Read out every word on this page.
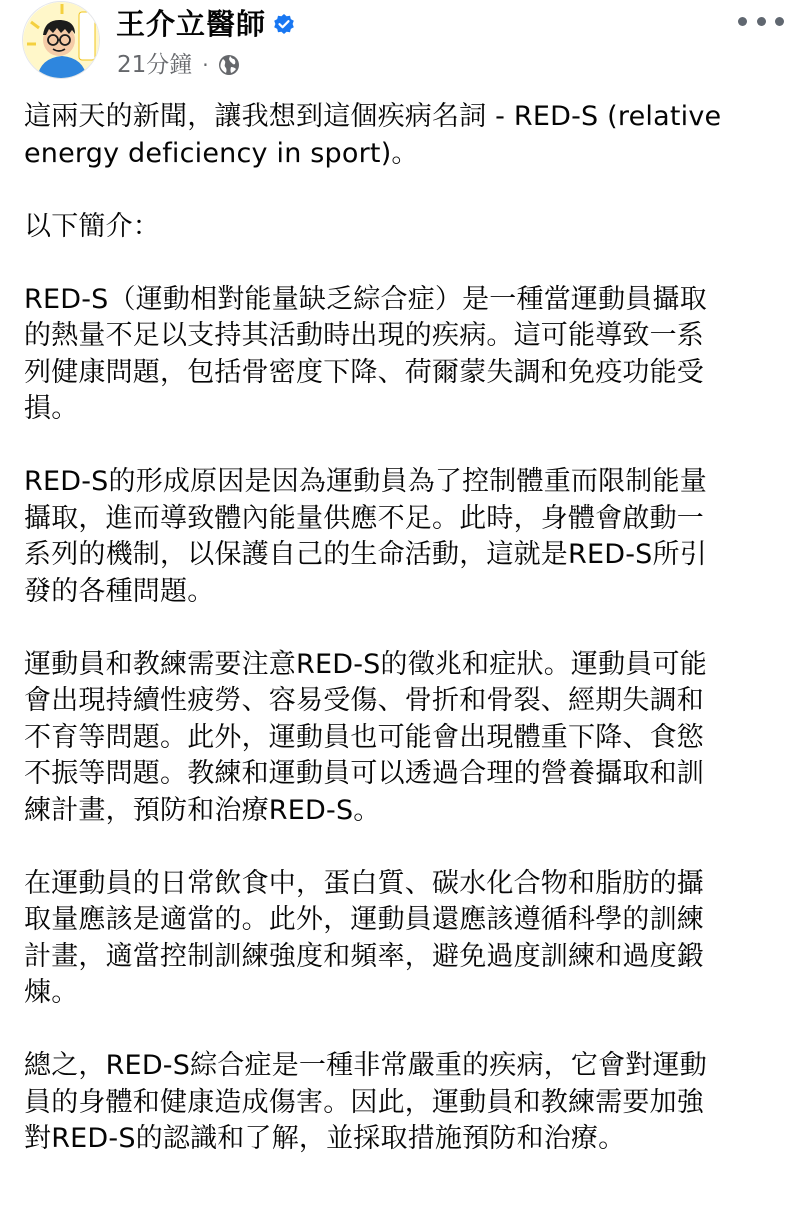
王介立醫師
21分鐘 ·

這兩天的新聞，讓我想到這個疾病名詞 - RED-S (relative
energy deficiency in sport)。

以下簡介：

RED-S（運動相對能量缺乏綜合症）是一種當運動員攝取
的熱量不足以支持其活動時出現的疾病。這可能導致一系
列健康問題，包括骨密度下降、荷爾蒙失調和免疫功能受
損。

RED-S的形成原因是因為運動員為了控制體重而限制能量
攝取，進而導致體內能量供應不足。此時，身體會啟動一
系列的機制，以保護自己的生命活動，這就是RED-S所引
發的各種問題。

運動員和教練需要注意RED-S的徵兆和症狀。運動員可能
會出現持續性疲勞、容易受傷、骨折和骨裂、經期失調和
不育等問題。此外，運動員也可能會出現體重下降、食慾
不振等問題。教練和運動員可以透過合理的營養攝取和訓
練計畫，預防和治療RED-S。

在運動員的日常飲食中，蛋白質、碳水化合物和脂肪的攝
取量應該是適當的。此外，運動員還應該遵循科學的訓練
計畫，適當控制訓練強度和頻率，避免過度訓練和過度鍛
煉。

總之，RED-S綜合症是一種非常嚴重的疾病，它會對運動
員的身體和健康造成傷害。因此，運動員和教練需要加強
對RED-S的認識和了解，並採取措施預防和治療。
